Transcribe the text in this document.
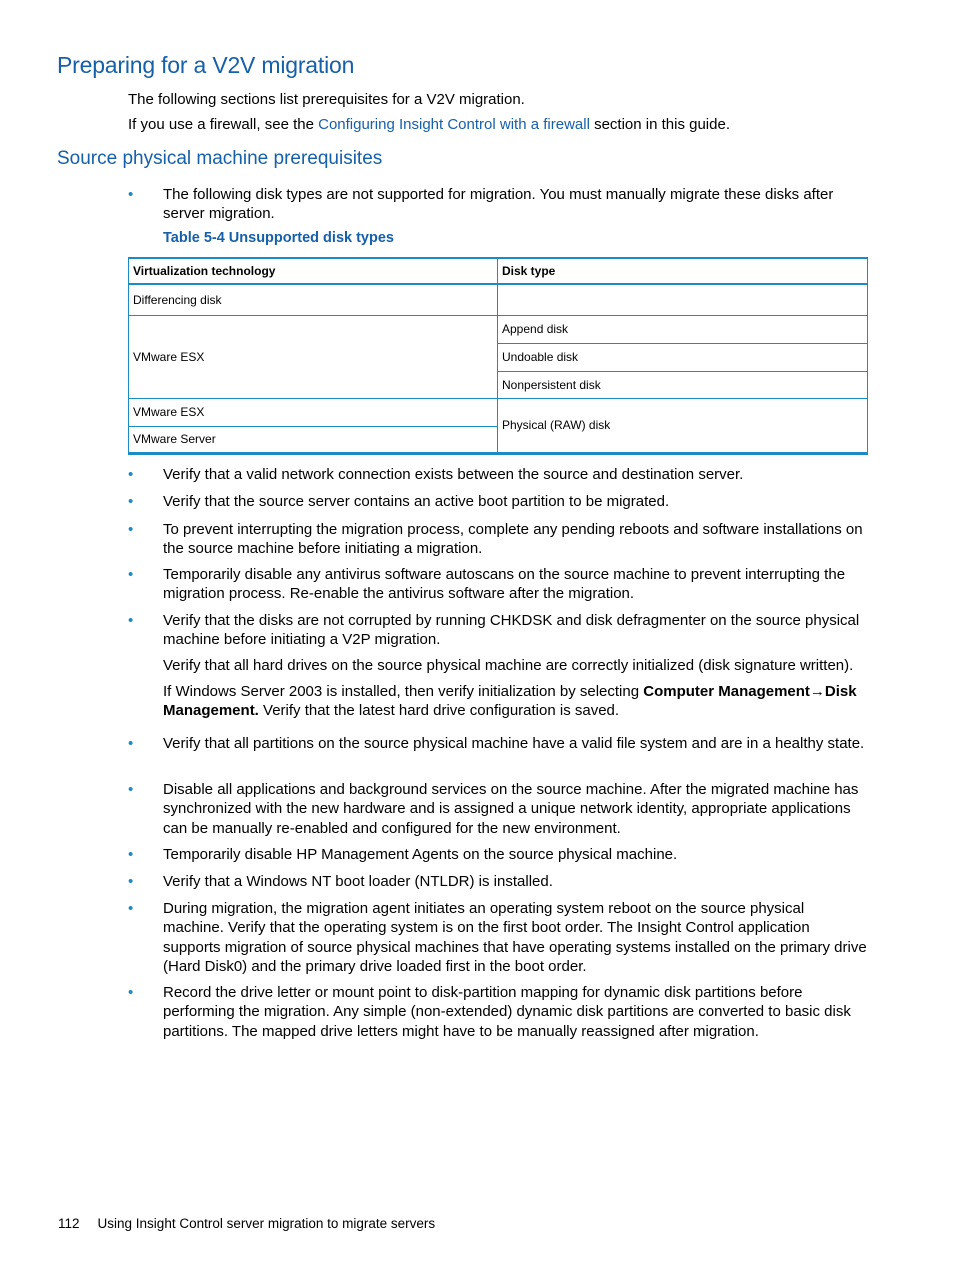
Preparing for a V2V migration
The following sections list prerequisites for a V2V migration.
If you use a firewall, see the Configuring Insight Control with a firewall section in this guide.
Source physical machine prerequisites
• The following disk types are not supported for migration. You must manually migrate these disks after server migration.
Table 5-4 Unsupported disk types
Virtualization technology	Disk type
Differencing disk	
VMware ESX	Append disk
	Undoable disk
	Nonpersistent disk
VMware ESX	Physical (RAW) disk
VMware Server	
• Verify that a valid network connection exists between the source and destination server.
• Verify that the source server contains an active boot partition to be migrated.
• To prevent interrupting the migration process, complete any pending reboots and software installations on the source machine before initiating a migration.
• Temporarily disable any antivirus software autoscans on the source machine to prevent interrupting the migration process. Re-enable the antivirus software after the migration.
• Verify that the disks are not corrupted by running CHKDSK and disk defragmenter on the source physical machine before initiating a V2P migration.
Verify that all hard drives on the source physical machine are correctly initialized (disk signature written).
If Windows Server 2003 is installed, then verify initialization by selecting Computer Management→Disk Management. Verify that the latest hard drive configuration is saved.
• Verify that all partitions on the source physical machine have a valid file system and are in a healthy state.
• Disable all applications and background services on the source machine. After the migrated machine has synchronized with the new hardware and is assigned a unique network identity, appropriate applications can be manually re-enabled and configured for the new environment.
• Temporarily disable HP Management Agents on the source physical machine.
• Verify that a Windows NT boot loader (NTLDR) is installed.
• During migration, the migration agent initiates an operating system reboot on the source physical machine. Verify that the operating system is on the first boot order. The Insight Control application supports migration of source physical machines that have operating systems installed on the primary drive (Hard Disk0) and the primary drive loaded first in the boot order.
• Record the drive letter or mount point to disk-partition mapping for dynamic disk partitions before performing the migration. Any simple (non-extended) dynamic disk partitions are converted to basic disk partitions. The mapped drive letters might have to be manually reassigned after migration.
112 Using Insight Control server migration to migrate servers
